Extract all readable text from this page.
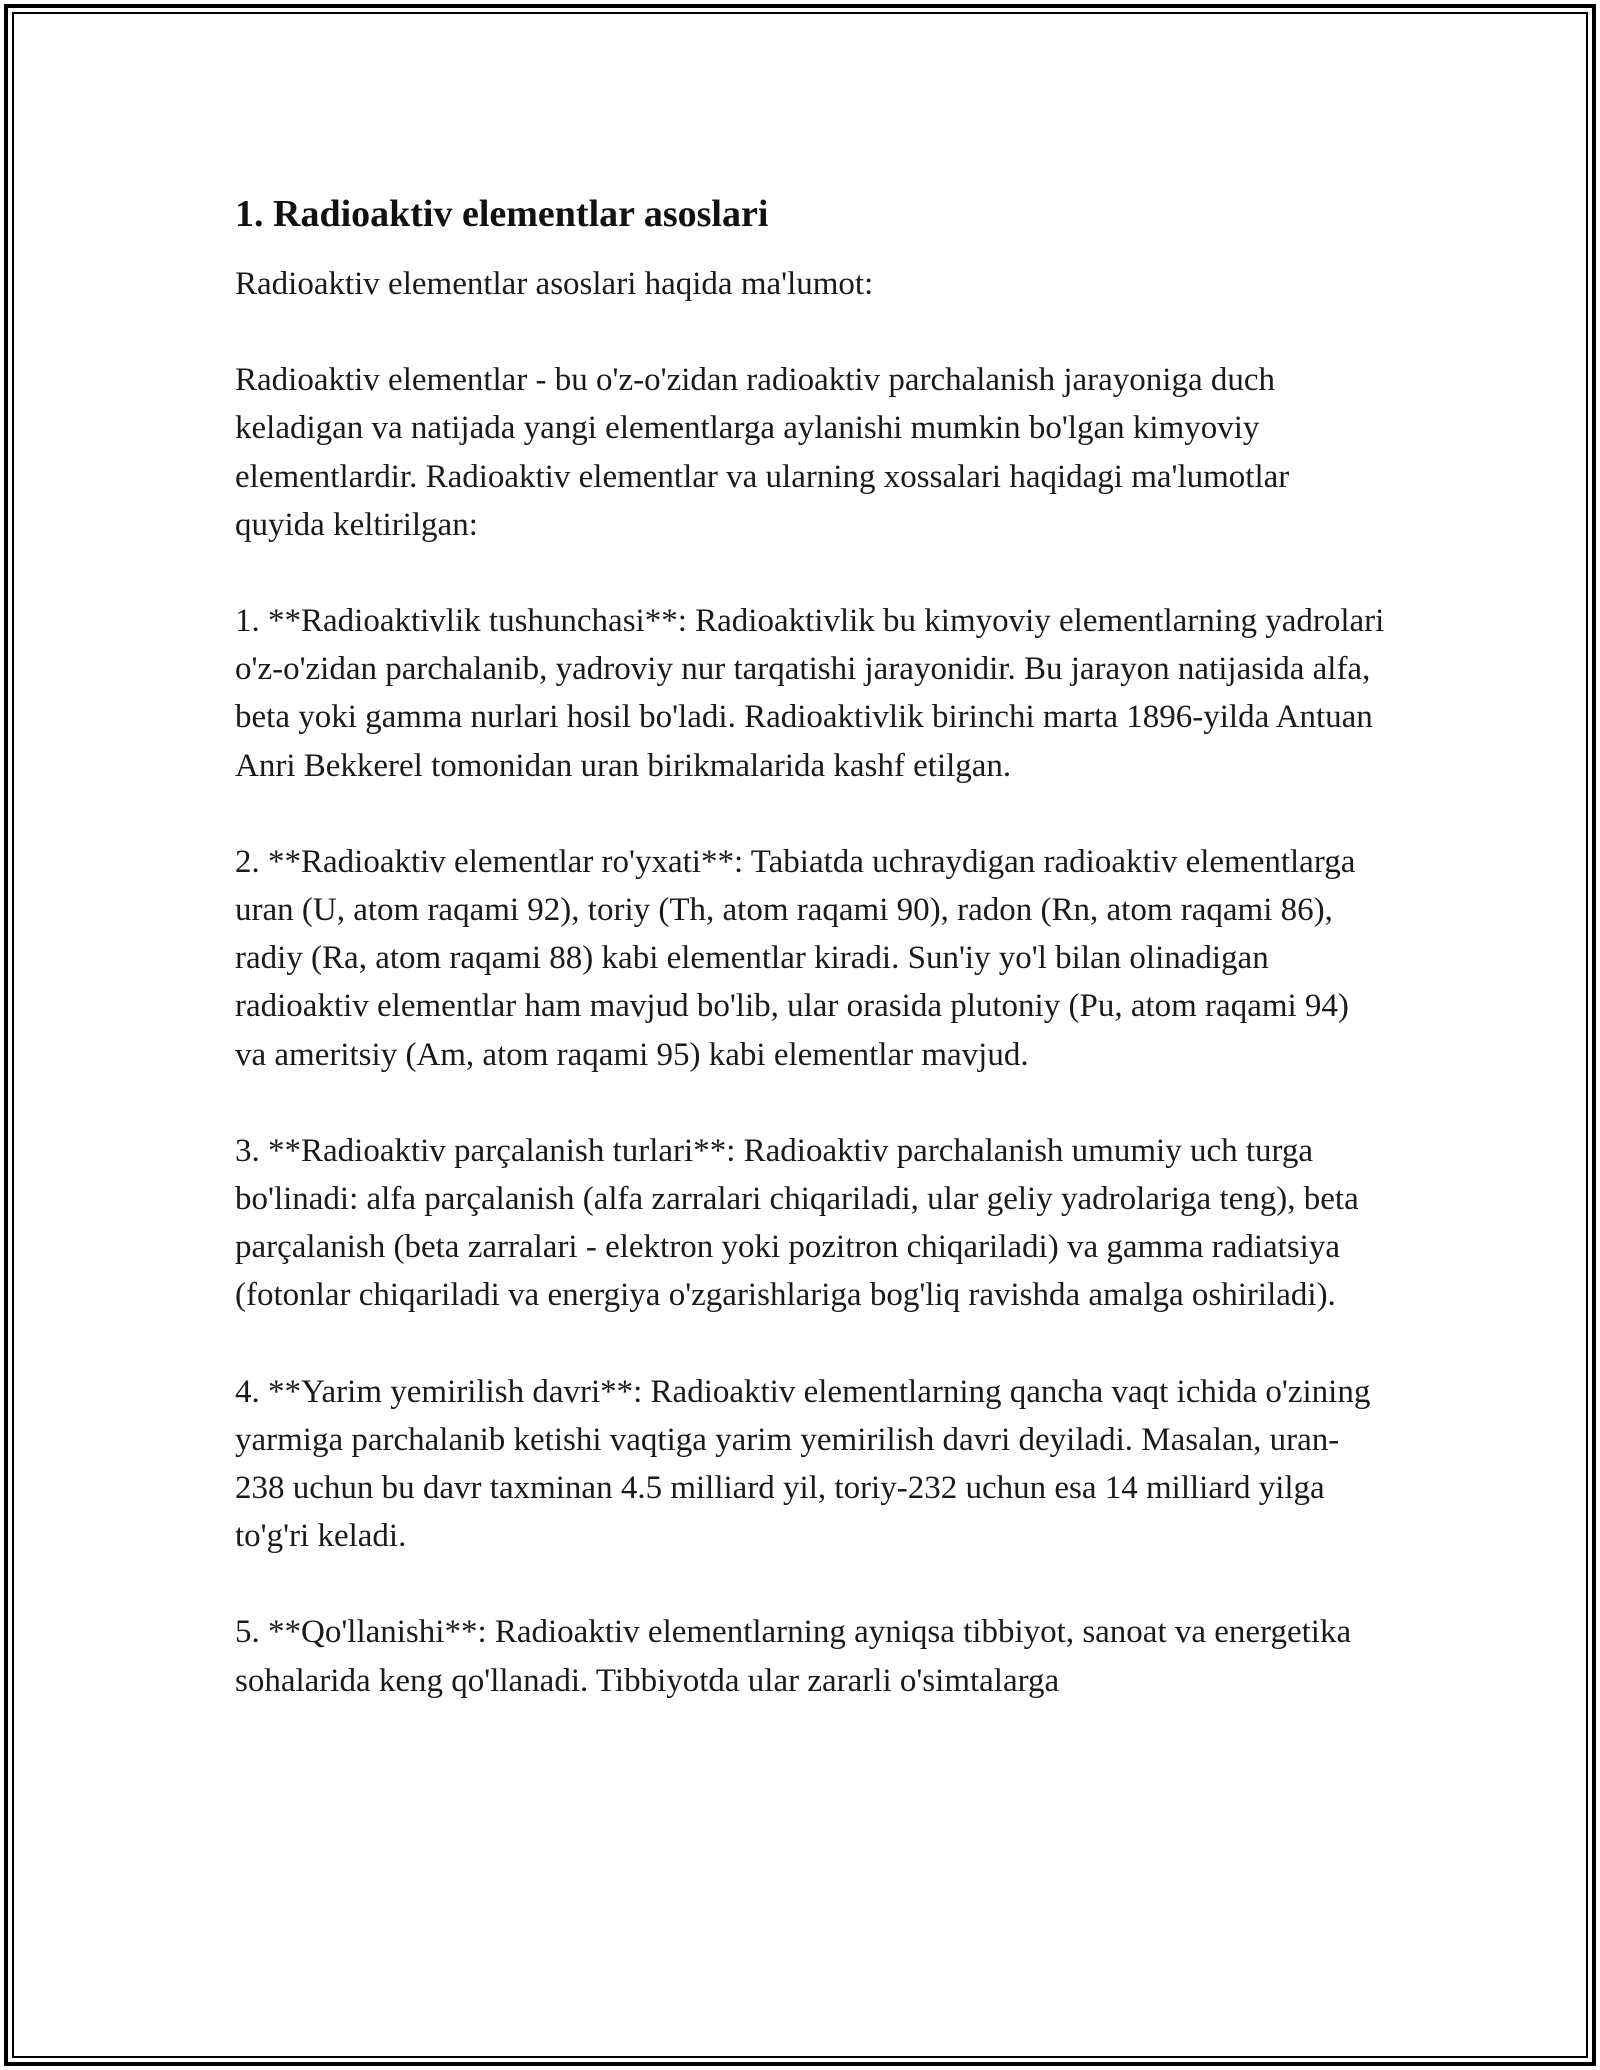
1. Radioaktiv elementlar asoslari

Radioaktiv elementlar asoslari haqida ma'lumot:

Radioaktiv elementlar - bu o'z-o'zidan radioaktiv parchalanish jarayoniga duch keladigan va natijada yangi elementlarga aylanishi mumkin bo'lgan kimyoviy elementlardir. Radioaktiv elementlar va ularning xossalari haqidagi ma'lumotlar quyida keltirilgan:

1. **Radioaktivlik tushunchasi**: Radioaktivlik bu kimyoviy elementlarning yadrolari o'z-o'zidan parchalanib, yadroviy nur tarqatishi jarayonidir. Bu jarayon natijasida alfa, beta yoki gamma nurlari hosil bo'ladi. Radioaktivlik birinchi marta 1896-yilda Antuan Anri Bekkerel tomonidan uran birikmalarida kashf etilgan.

2. **Radioaktiv elementlar ro'yxati**: Tabiatda uchraydigan radioaktiv elementlarga uran (U, atom raqami 92), toriy (Th, atom raqami 90), radon (Rn, atom raqami 86), radiy (Ra, atom raqami 88) kabi elementlar kiradi. Sun'iy yo'l bilan olinadigan radioaktiv elementlar ham mavjud bo'lib, ular orasida plutoniy (Pu, atom raqami 94) va ameritsiy (Am, atom raqami 95) kabi elementlar mavjud.

3. **Radioaktiv parçalanish turlari**: Radioaktiv parchalanish umumiy uch turga bo'linadi: alfa parçalanish (alfa zarralari chiqariladi, ular geliy yadrolariga teng), beta parçalanish (beta zarralari - elektron yoki pozitron chiqariladi) va gamma radiatsiya (fotonlar chiqariladi va energiya o'zgarishlariga bog'liq ravishda amalga oshiriladi).

4. **Yarim yemirilish davri**: Radioaktiv elementlarning qancha vaqt ichida o'zining yarmiga parchalanib ketishi vaqtiga yarim yemirilish davri deyiladi. Masalan, uran-238 uchun bu davr taxminan 4.5 milliard yil, toriy-232 uchun esa 14 milliard yilga to'g'ri keladi.

5. **Qo'llanishi**: Radioaktiv elementlarning ayniqsa tibbiyot, sanoat va energetika sohalarida keng qo'llanadi. Tibbiyotda ular zararli o'simtalarga
